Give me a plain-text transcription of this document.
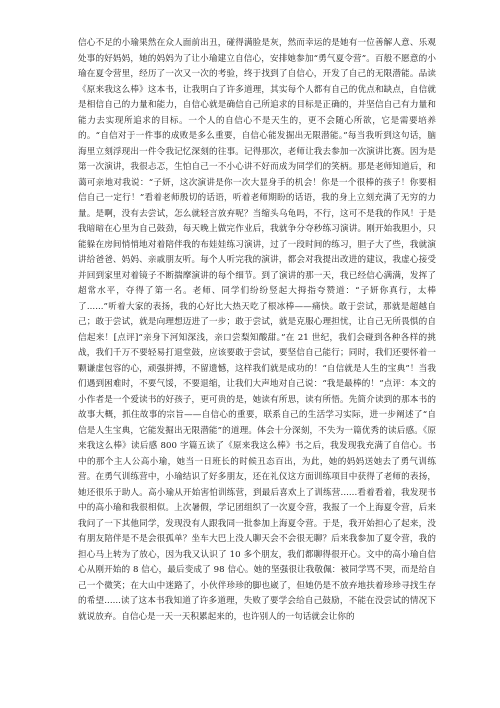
信心不足的小瑜果然在众人面前出丑，碰得满脸是灰，然而幸运的是她有一位善解人意、乐观处事的好妈妈，她的妈妈为了让小瑜建立自信心，安排她参加“勇气夏令营”。百般不愿意的小瑜在夏令营里，经历了一次又一次的考验，终于找到了自信心，开发了自己的无限潜能。品读《原来我这么棒》这本书，让我明白了许多道理，其实每个人都有自己的优点和缺点，自信就是相信自己的力量和能力，自信心就是确信自己所追求的目标是正确的，并坚信自己有力量和能力去实现所追求的目标。一个人的自信心不是天生的，更不会随心所欲，它是需要培养的。“自信对于一件事的成败是多么重要，自信心能发掘出无限潜能。”每当我听到这句话，脑海里立刻浮现出一件令我记忆深刻的往事。记得那次，老师让我去参加一次演讲比赛。因为是第一次演讲，我很忐忑，生怕自己一不小心讲不好而成为同学们的笑柄。那是老师知道后，和蔼可亲地对我说：“子妍，这次演讲是你一次大显身手的机会！你是一个很棒的孩子！你要相信自己一定行！”看着老师殷切的话语，听着老师期盼的话语，我的身上立刻充满了无穷的力量。是啊，没有去尝试，怎么就轻言放弃呢？当缩头乌龟吗，不行，这可不是我的作风！于是我暗暗在心里为自己鼓劲，每天晚上做完作业后，我就争分夺秒练习演讲。刚开始我胆小，只能躲在房间悄悄地对着陪伴我的布娃娃练习演讲，过了一段时间的练习，胆子大了些，我就演讲给爸爸、妈妈、亲戚朋友听。每个人听完我的演讲，都会对我提出改进的建议，我虚心接受并回到家里对着镜子不断揣摩演讲的每个细节。到了演讲的那一天，我已经信心满满，发挥了超常水平，夺得了第一名。老师、同学们纷纷竖起大拇指夸赞道：“子妍你真行，太棒了......”听着大家的表扬，我的心好比大热天吃了根冰棒——痛快。敢于尝试，那就是超越自己；敢于尝试，就是向理想迈进了一步；敢于尝试，就是克服心理担忧，让自己无所畏惧的自信起来！[点评]“亲身下河知深浅，亲口尝梨知酸甜。”在 21 世纪，我们会碰到各种各样的挑战，我们千万不要轻易打退堂鼓，应该要敢于尝试，要坚信自己能行；同时，我们还要怀着一颗谦虚包容的心，顽强拼搏，不留遗憾，这样我们就是成功的！“自信就是人生的宝典”！当我们遇到困难时，不要气馁，不要退缩，让我们大声地对自己说：“我是最棒的！”点评：本文的小作者是一个爱读书的好孩子，更可贵的是，她读有所思，读有所悟。先简介读到的那本书的故事大概，抓住故事的宗旨——自信心的重要，联系自己的生活学习实际，进一步阐述了“自信是人生宝典，它能发掘出无限潜能”的道理。体会十分深刻，不失为一篇优秀的读后感。《原来我这么棒》读后感 800 字篇五读了《原来我这么棒》书之后，我发现我充满了自信心。书中的那个主人公高小瑜，她当一日班长的时候丑态百出，为此，她的妈妈送她去了勇气训练营。在勇气训练营中，小瑜结识了好多朋友，还在礼仪这方面训练项目中获得了老师的表扬，她还很乐于助人。高小瑜从开始害怕训练营，到最后喜欢上了训练营......看着看着，我发现书中的高小瑜和我很相似。上次暑假，学记团组织了一次夏令营，我报了一个上海夏令营，后来我问了一下其他同学，发现没有人跟我同一批参加上海夏令营。于是，我开始担心了起来，没有朋友陪伴是不是会很孤单？坐车大巴上没人聊天会不会很无聊？后来我参加了夏令营，我的担心马上转为了放心，因为我又认识了 10 多个朋友，我们都聊得很开心。文中的高小瑜自信心从刚开始的 8 信心，最后变成了 98 信心。她的坚强很让我敬佩：被同学骂不哭，而是给自己一个微笑；在大山中迷路了，小伙伴珍珍的脚也崴了，但她仍是不放弃地扶着珍珍寻找生存的希望......读了这本书我知道了许多道理，失败了要学会给自己鼓励，不能在没尝试的情况下就说放弃。自信心是一天一天积累起来的，也许别人的一句话就会让你的
